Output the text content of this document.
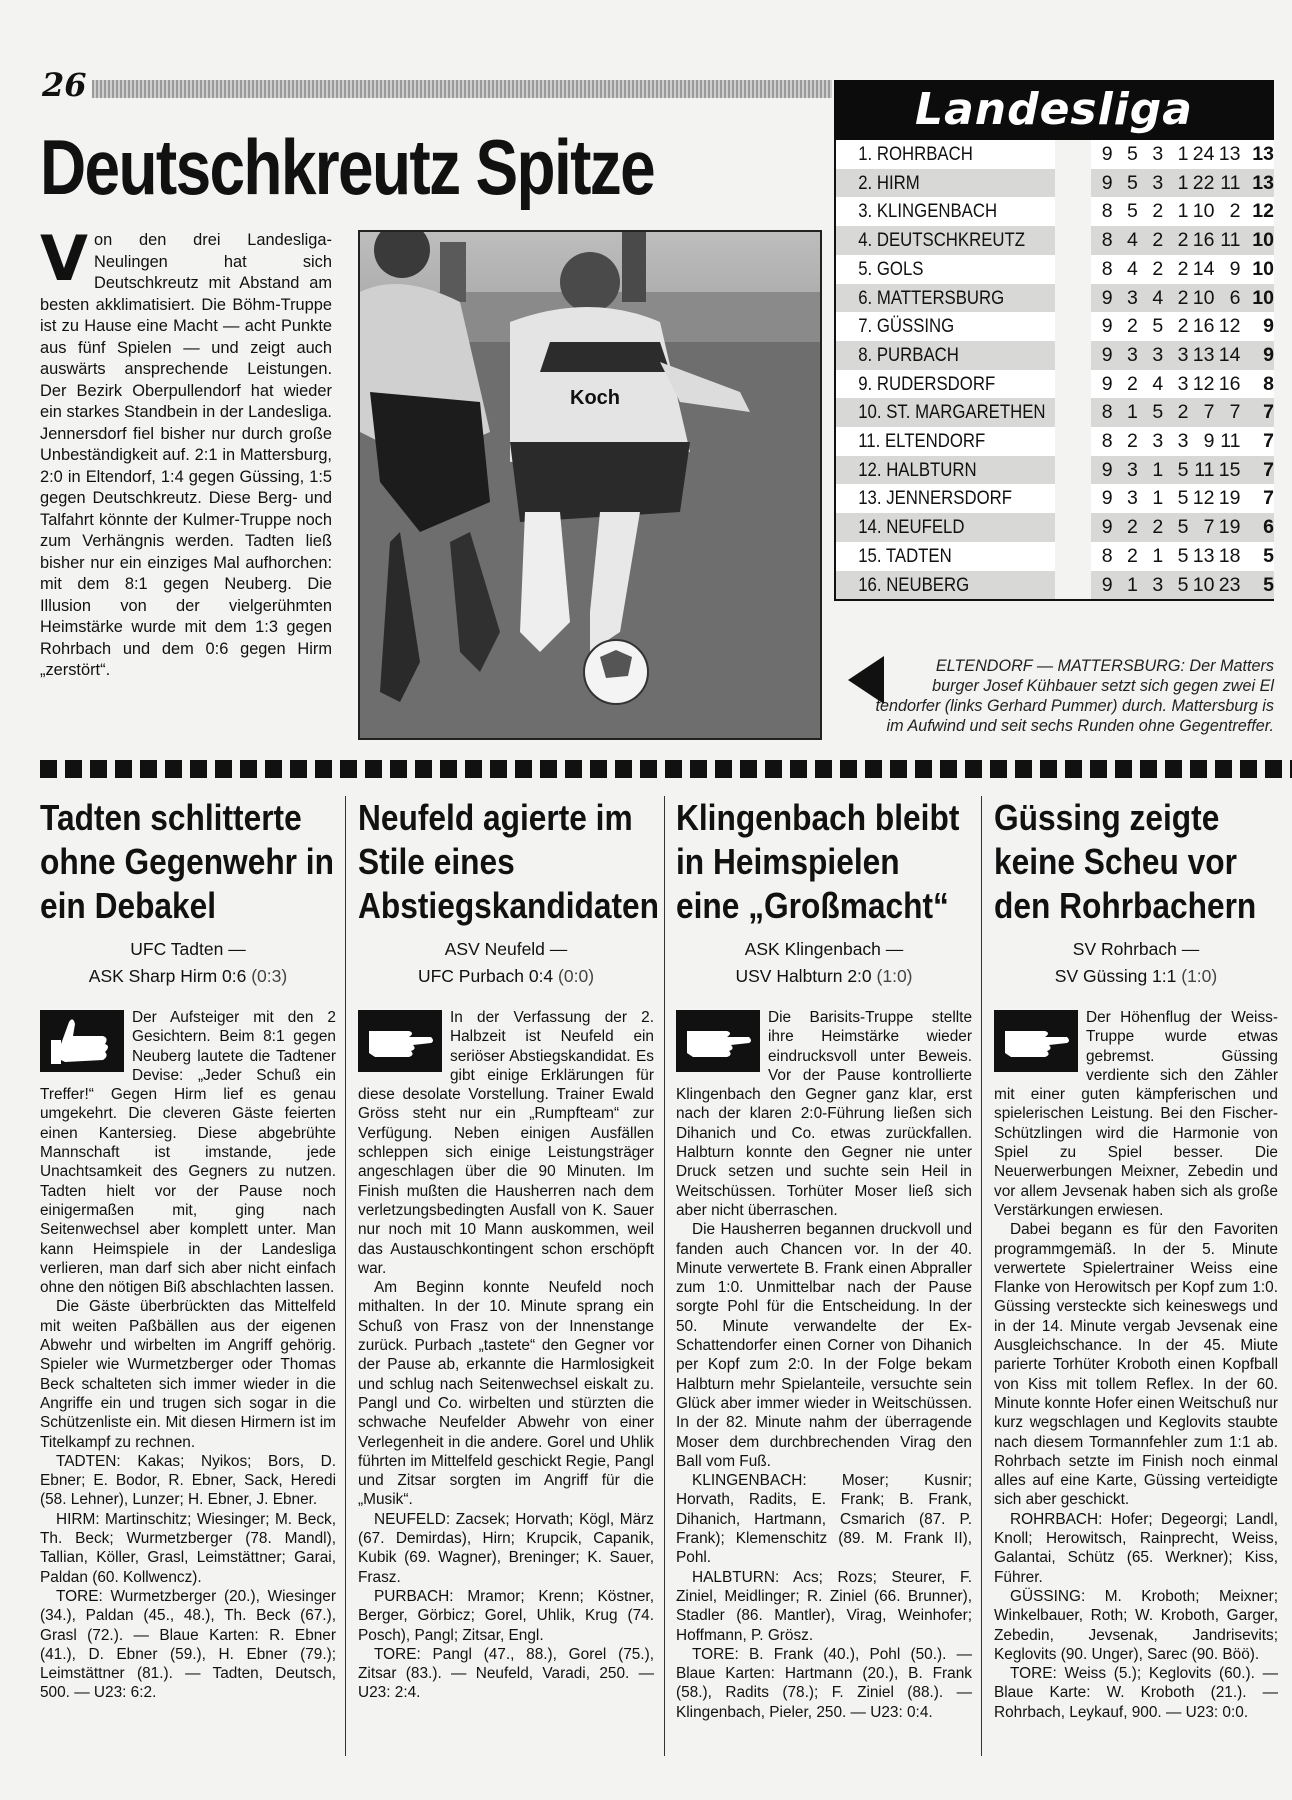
26
Deutschkreutz Spitze
Von den drei Landesliga-Neulingen hat sich Deutschkreutz mit Abstand am besten akklimatisiert. Die Böhm-Truppe ist zu Hause eine Macht — acht Punkte aus fünf Spielen — und zeigt auch auswärts ansprechende Leistungen. Der Bezirk Oberpullendorf hat wieder ein starkes Standbein in der Landesliga. Jennersdorf fiel bisher nur durch große Unbeständigkeit auf. 2:1 in Mattersburg, 2:0 in Eltendorf, 1:4 gegen Güssing, 1:5 gegen Deutschkreutz. Diese Berg- und Talfahrt könnte der Kulmer-Truppe noch zum Verhängnis werden. Tadten ließ bisher nur ein einziges Mal aufhorchen: mit dem 8:1 gegen Neuberg. Die Illusion von der vielgerühmten Heimstärke wurde mit dem 1:3 gegen Rohrbach und dem 0:6 gegen Hirm „zerstört“.
Koch
Landesliga
1. ROHRBACH	9	5	3	1	24	13	13
2. HIRM	9	5	3	1	22	11	13
3. KLINGENBACH	8	5	2	1	10	2	12
4. DEUTSCHKREUTZ	8	4	2	2	16	11	10
5. GOLS	8	4	2	2	14	9	10
6. MATTERSBURG	9	3	4	2	10	6	10
7. GÜSSING	9	2	5	2	16	12	9
8. PURBACH	9	3	3	3	13	14	9
9. RUDERSDORF	9	2	4	3	12	16	8
10. ST. MARGARETHEN	8	1	5	2	7	7	7
11. ELTENDORF	8	2	3	3	9	11	7
12. HALBTURN	9	3	1	5	11	15	7
13. JENNERSDORF	9	3	1	5	12	19	7
14. NEUFELD	9	2	2	5	7	19	6
15. TADTEN	8	2	1	5	13	18	5
16. NEUBERG	9	1	3	5	10	23	5
ELTENDORF — MATTERSBURG: Der Matters
burger Josef Kühbauer setzt sich gegen zwei El
tendorfer (links Gerhard Pummer) durch. Mattersburg is
im Aufwind und seit sechs Runden ohne Gegentreffer.
Tadten schlitterte ohne Gegenwehr in ein Debakel
UFC Tadten —
ASK Sharp Hirm 0:6 (0:3)

Der Aufsteiger mit den 2 Gesichtern. Beim 8:1 gegen Neuberg lautete die Tadtener Devise: „Jeder Schuß ein Treffer!“ Gegen Hirm lief es genau umgekehrt. Die cleveren Gäste feierten einen Kantersieg. Diese abgebrühte Mannschaft ist imstande, jede Unachtsamkeit des Gegners zu nutzen. Tadten hielt vor der Pause noch einigermaßen mit, ging nach Seitenwechsel aber komplett unter. Man kann Heimspiele in der Landesliga verlieren, man darf sich aber nicht einfach ohne den nötigen Biß abschlachten lassen.

Die Gäste überbrückten das Mittelfeld mit weiten Paßbällen aus der eigenen Abwehr und wirbelten im Angriff gehörig. Spieler wie Wurmetzberger oder Thomas Beck schalteten sich immer wieder in die Angriffe ein und trugen sich sogar in die Schützenliste ein. Mit diesen Hirmern ist im Titelkampf zu rechnen.

TADTEN: Kakas; Nyikos; Bors, D. Ebner; E. Bodor, R. Ebner, Sack, Heredi (58. Lehner), Lunzer; H. Ebner, J. Ebner.

HIRM: Martinschitz; Wiesinger; M. Beck, Th. Beck; Wurmetzberger (78. Mandl), Tallian, Köller, Grasl, Leimstättner; Garai, Paldan (60. Kollwencz).

TORE: Wurmetzberger (20.), Wiesinger (34.), Paldan (45., 48.), Th. Beck (67.), Grasl (72.). — Blaue Karten: R. Ebner (41.), D. Ebner (59.), H. Ebner (79.); Leimstättner (81.). — Tadten, Deutsch, 500. — U23: 6:2.

Neufeld agierte im Stile eines Abstiegskandidaten
ASV Neufeld —
UFC Purbach 0:4 (0:0)

In der Verfassung der 2. Halbzeit ist Neufeld ein seriöser Abstiegskandidat. Es gibt einige Erklärungen für diese desolate Vorstellung. Trainer Ewald Gröss steht nur ein „Rumpfteam“ zur Verfügung. Neben einigen Ausfällen schleppen sich einige Leistungsträger angeschlagen über die 90 Minuten. Im Finish mußten die Hausherren nach dem verletzungsbedingten Ausfall von K. Sauer nur noch mit 10 Mann auskommen, weil das Austauschkontingent schon erschöpft war.

Am Beginn konnte Neufeld noch mithalten. In der 10. Minute sprang ein Schuß von Frasz von der Innenstange zurück. Purbach „tastete“ den Gegner vor der Pause ab, erkannte die Harmlosigkeit und schlug nach Seitenwechsel eiskalt zu. Pangl und Co. wirbelten und stürzten die schwache Neufelder Abwehr von einer Verlegenheit in die andere. Gorel und Uhlik führten im Mittelfeld geschickt Regie, Pangl und Zitsar sorgten im Angriff für die „Musik“.

NEUFELD: Zacsek; Horvath; Kögl, März (67. Demirdas), Hirn; Krupcik, Capanik, Kubik (69. Wagner), Breninger; K. Sauer, Frasz.

PURBACH: Mramor; Krenn; Köstner, Berger, Görbicz; Gorel, Uhlik, Krug (74. Posch), Pangl; Zitsar, Engl.

TORE: Pangl (47., 88.), Gorel (75.), Zitsar (83.). — Neufeld, Varadi, 250. — U23: 2:4.

Klingenbach bleibt in Heimspielen eine „Großmacht“
ASK Klingenbach —
USV Halbturn 2:0 (1:0)

Die Barisits-Truppe stellte ihre Heimstärke wieder eindrucksvoll unter Beweis. Vor der Pause kontrollierte Klingenbach den Gegner ganz klar, erst nach der klaren 2:0-Führung ließen sich Dihanich und Co. etwas zurückfallen. Halbturn konnte den Gegner nie unter Druck setzen und suchte sein Heil in Weitschüssen. Torhüter Moser ließ sich aber nicht überraschen.

Die Hausherren begannen druckvoll und fanden auch Chancen vor. In der 40. Minute verwertete B. Frank einen Abpraller zum 1:0. Unmittelbar nach der Pause sorgte Pohl für die Entscheidung. In der 50. Minute verwandelte der Ex-Schattendorfer einen Corner von Dihanich per Kopf zum 2:0. In der Folge bekam Halbturn mehr Spielanteile, versuchte sein Glück aber immer wieder in Weitschüssen. In der 82. Minute nahm der überragende Moser dem durchbrechenden Virag den Ball vom Fuß.

KLINGENBACH: Moser; Kusnir; Horvath, Radits, E. Frank; B. Frank, Dihanich, Hartmann, Csmarich (87. P. Frank); Klemenschitz (89. M. Frank II), Pohl.

HALBTURN: Acs; Rozs; Steurer, F. Ziniel, Meidlinger; R. Ziniel (66. Brunner), Stadler (86. Mantler), Virag, Weinhofer; Hoffmann, P. Grösz.

TORE: B. Frank (40.), Pohl (50.). — Blaue Karten: Hartmann (20.), B. Frank (58.), Radits (78.); F. Ziniel (88.). — Klingenbach, Pieler, 250. — U23: 0:4.

Güssing zeigte keine Scheu vor den Rohrbachern
SV Rohrbach —
SV Güssing 1:1 (1:0)

Der Höhenflug der Weiss-Truppe wurde etwas gebremst. Güssing verdiente sich den Zähler mit einer guten kämpferischen und spielerischen Leistung. Bei den Fischer-Schützlingen wird die Harmonie von Spiel zu Spiel besser. Die Neuerwerbungen Meixner, Zebedin und vor allem Jevsenak haben sich als große Verstärkungen erwiesen.

Dabei begann es für den Favoriten programmgemäß. In der 5. Minute verwertete Spielertrainer Weiss eine Flanke von Herowitsch per Kopf zum 1:0. Güssing versteckte sich keineswegs und in der 14. Minute vergab Jevsenak eine Ausgleichschance. In der 45. Miute parierte Torhüter Kroboth einen Kopfball von Kiss mit tollem Reflex. In der 60. Minute konnte Hofer einen Weitschuß nur kurz wegschlagen und Keglovits staubte nach diesem Tormannfehler zum 1:1 ab. Rohrbach setzte im Finish noch einmal alles auf eine Karte, Güssing verteidigte sich aber geschickt.

ROHRBACH: Hofer; Degeorgi; Landl, Knoll; Herowitsch, Rainprecht, Weiss, Galantai, Schütz (65. Werkner); Kiss, Führer.

GÜSSING: M. Kroboth; Meixner; Winkelbauer, Roth; W. Kroboth, Garger, Zebedin, Jevsenak, Jandrisevits; Keglovits (90. Unger), Sarec (90. Böö).

TORE: Weiss (5.); Keglovits (60.). — Blaue Karte: W. Kroboth (21.). — Rohrbach, Leykauf, 900. — U23: 0:0.
